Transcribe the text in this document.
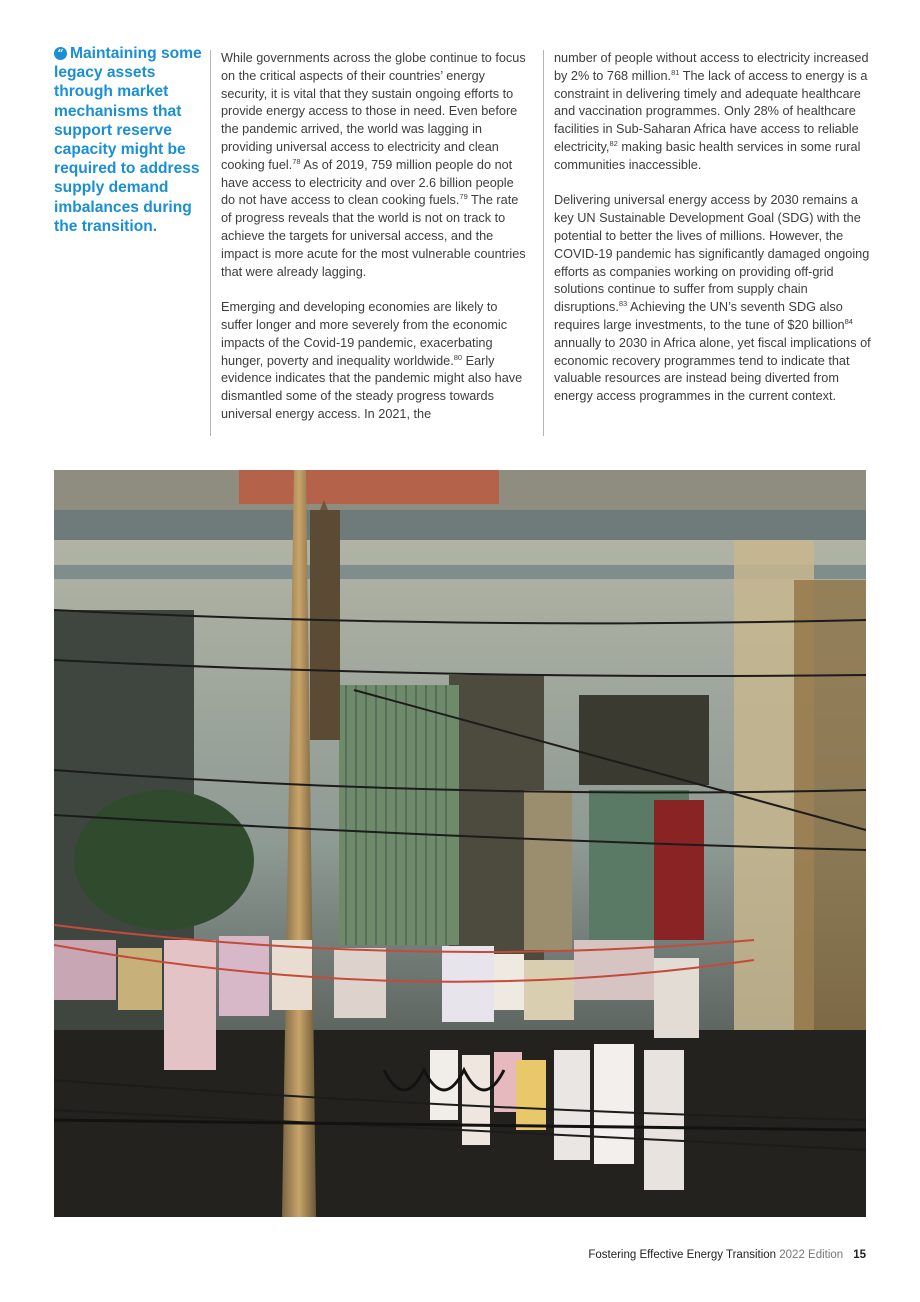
“ Maintaining some legacy assets through market mechanisms that support reserve capacity might be required to address supply demand imbalances during the transition.

While governments across the globe continue to focus on the critical aspects of their countries’ energy security, it is vital that they sustain ongoing efforts to provide energy access to those in need. Even before the pandemic arrived, the world was lagging in providing universal access to electricity and clean cooking fuel.$^{78}$ As of 2019, 759 million people do not have access to electricity and over 2.6 billion people do not have access to clean cooking fuels.$^{79}$ The rate of progress reveals that the world is not on track to achieve the targets for universal access, and the impact is more acute for the most vulnerable countries that were already lagging.

Emerging and developing economies are likely to suffer longer and more severely from the economic impacts of the Covid-19 pandemic, exacerbating hunger, poverty and inequality worldwide.$^{80}$ Early evidence indicates that the pandemic might also have dismantled some of the steady progress towards universal energy access. In 2021, the

number of people without access to electricity increased by 2% to 768 million.$^{81}$ The lack of access to energy is a constraint in delivering timely and adequate healthcare and vaccination programmes. Only 28% of healthcare facilities in Sub-Saharan Africa have access to reliable electricity,$^{82}$ making basic health services in some rural communities inaccessible.

Delivering universal energy access by 2030 remains a key UN Sustainable Development Goal (SDG) with the potential to better the lives of millions. However, the COVID-19 pandemic has significantly damaged ongoing efforts as companies working on providing off-grid solutions continue to suffer from supply chain disruptions.$^{83}$ Achieving the UN’s seventh SDG also requires large investments, to the tune of $20 billion$^{84}$ annually to 2030 in Africa alone, yet fiscal implications of economic recovery programmes tend to indicate that valuable resources are instead being diverted from energy access programmes in the current context.

Fostering Effective Energy Transition 2022 Edition 15
